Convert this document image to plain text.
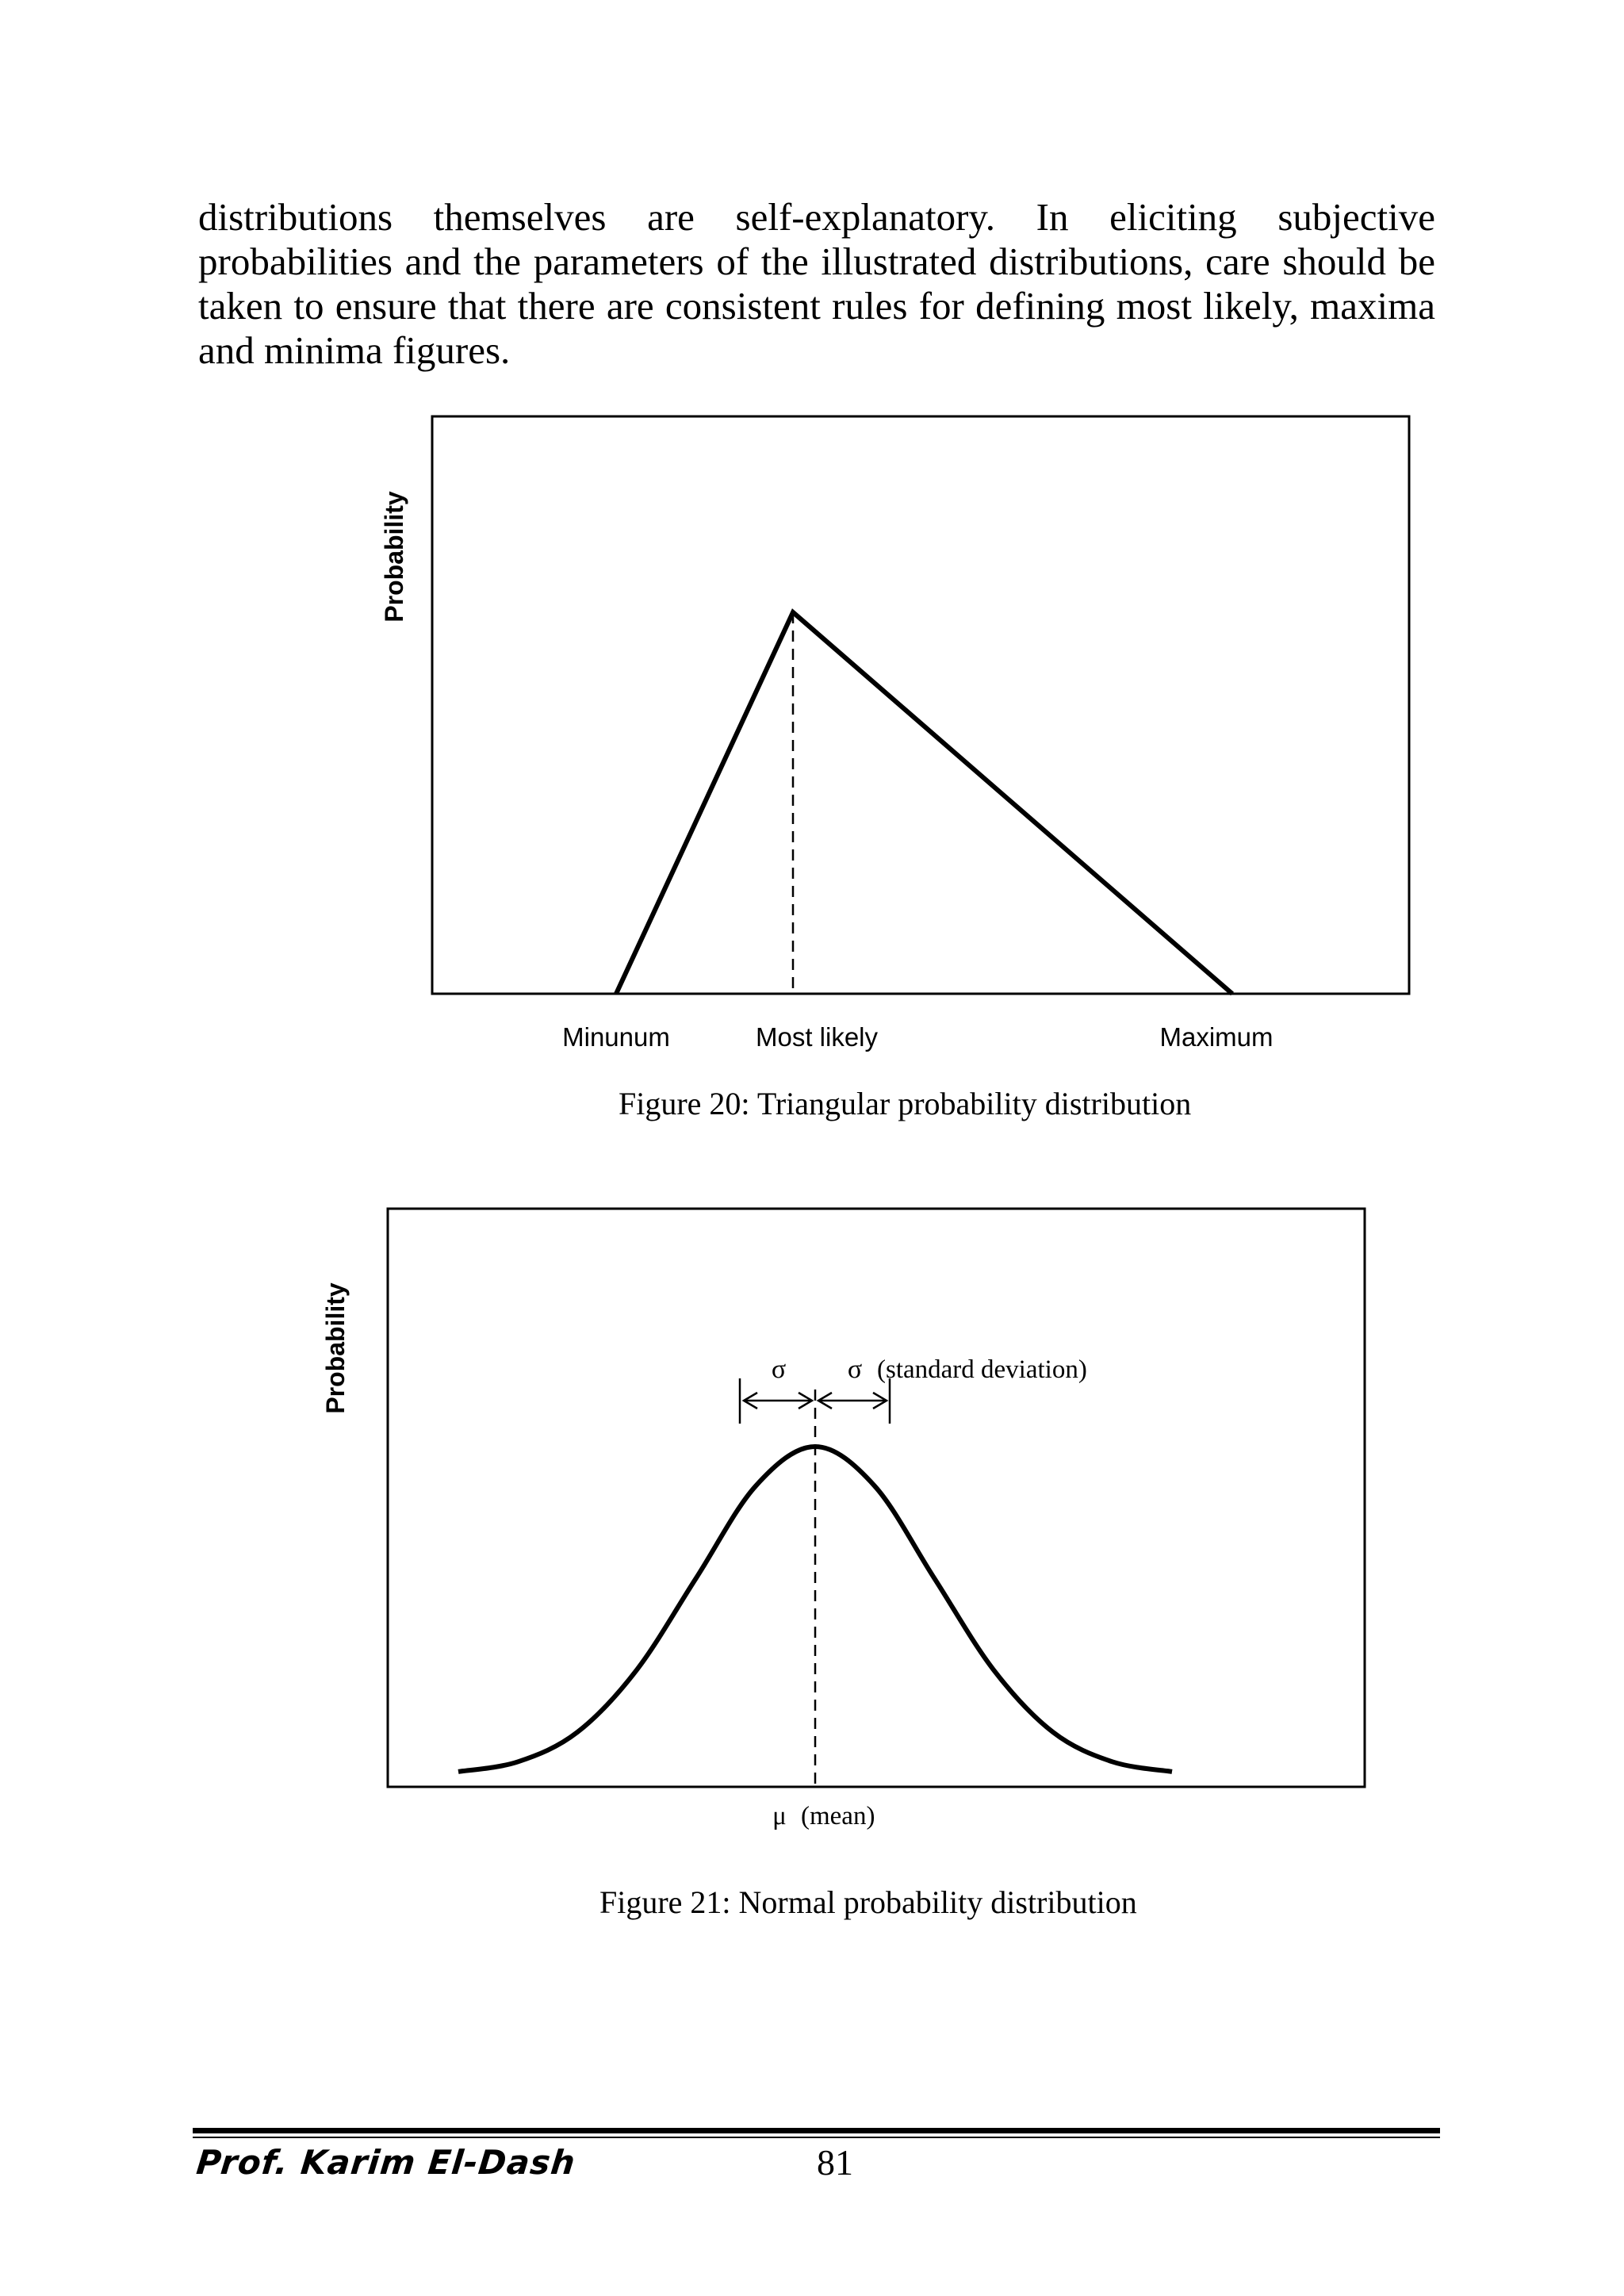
distributions themselves are self-explanatory. In eliciting subjective probabilities and the parameters of the illustrated distributions, care should be taken to ensure that there are consistent rules for defining most likely, maxima and minima figures.

Probability
Minunum	Most likely	Maximum
Figure 20: Triangular probability distribution
Probability	σ σ (standard deviation)
μ (mean)
Figure 21: Normal probability distribution
Prof. Karim El-Dash	81
